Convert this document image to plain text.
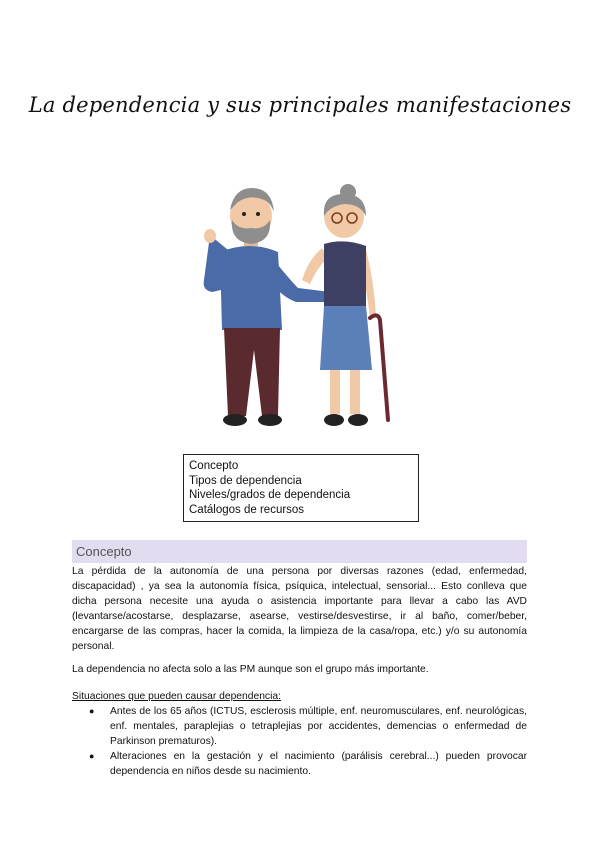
La dependencia y sus principales manifestaciones
Concepto
Tipos de dependencia
Niveles/grados de dependencia
Catálogos de recursos
Concepto
La pérdida de la autonomía de una persona por diversas razones (edad, enfermedad, discapacidad) , ya sea la autonomía física, psíquica, intelectual, sensorial... Esto conlleva que dicha persona necesite una ayuda o asistencia importante para llevar a cabo las AVD (levantarse/acostarse, desplazarse, asearse, vestirse/desvestirse, ir al baño, comer/beber, encargarse de las compras, hacer la comida, la limpieza de la casa/ropa, etc.) y/o su autonomía personal.
La dependencia no afecta solo a las PM aunque son el grupo más importante.
Situaciones que pueden causar dependencia:
● Antes de los 65 años (ICTUS, esclerosis múltiple, enf. neuromusculares, enf. neurológicas, enf. mentales, paraplejias o tetraplejias por accidentes, demencias o enfermedad de Parkinson prematuros).
● Alteraciones en la gestación y el nacimiento (parálisis cerebral...) pueden provocar dependencia en niños desde su nacimiento.
